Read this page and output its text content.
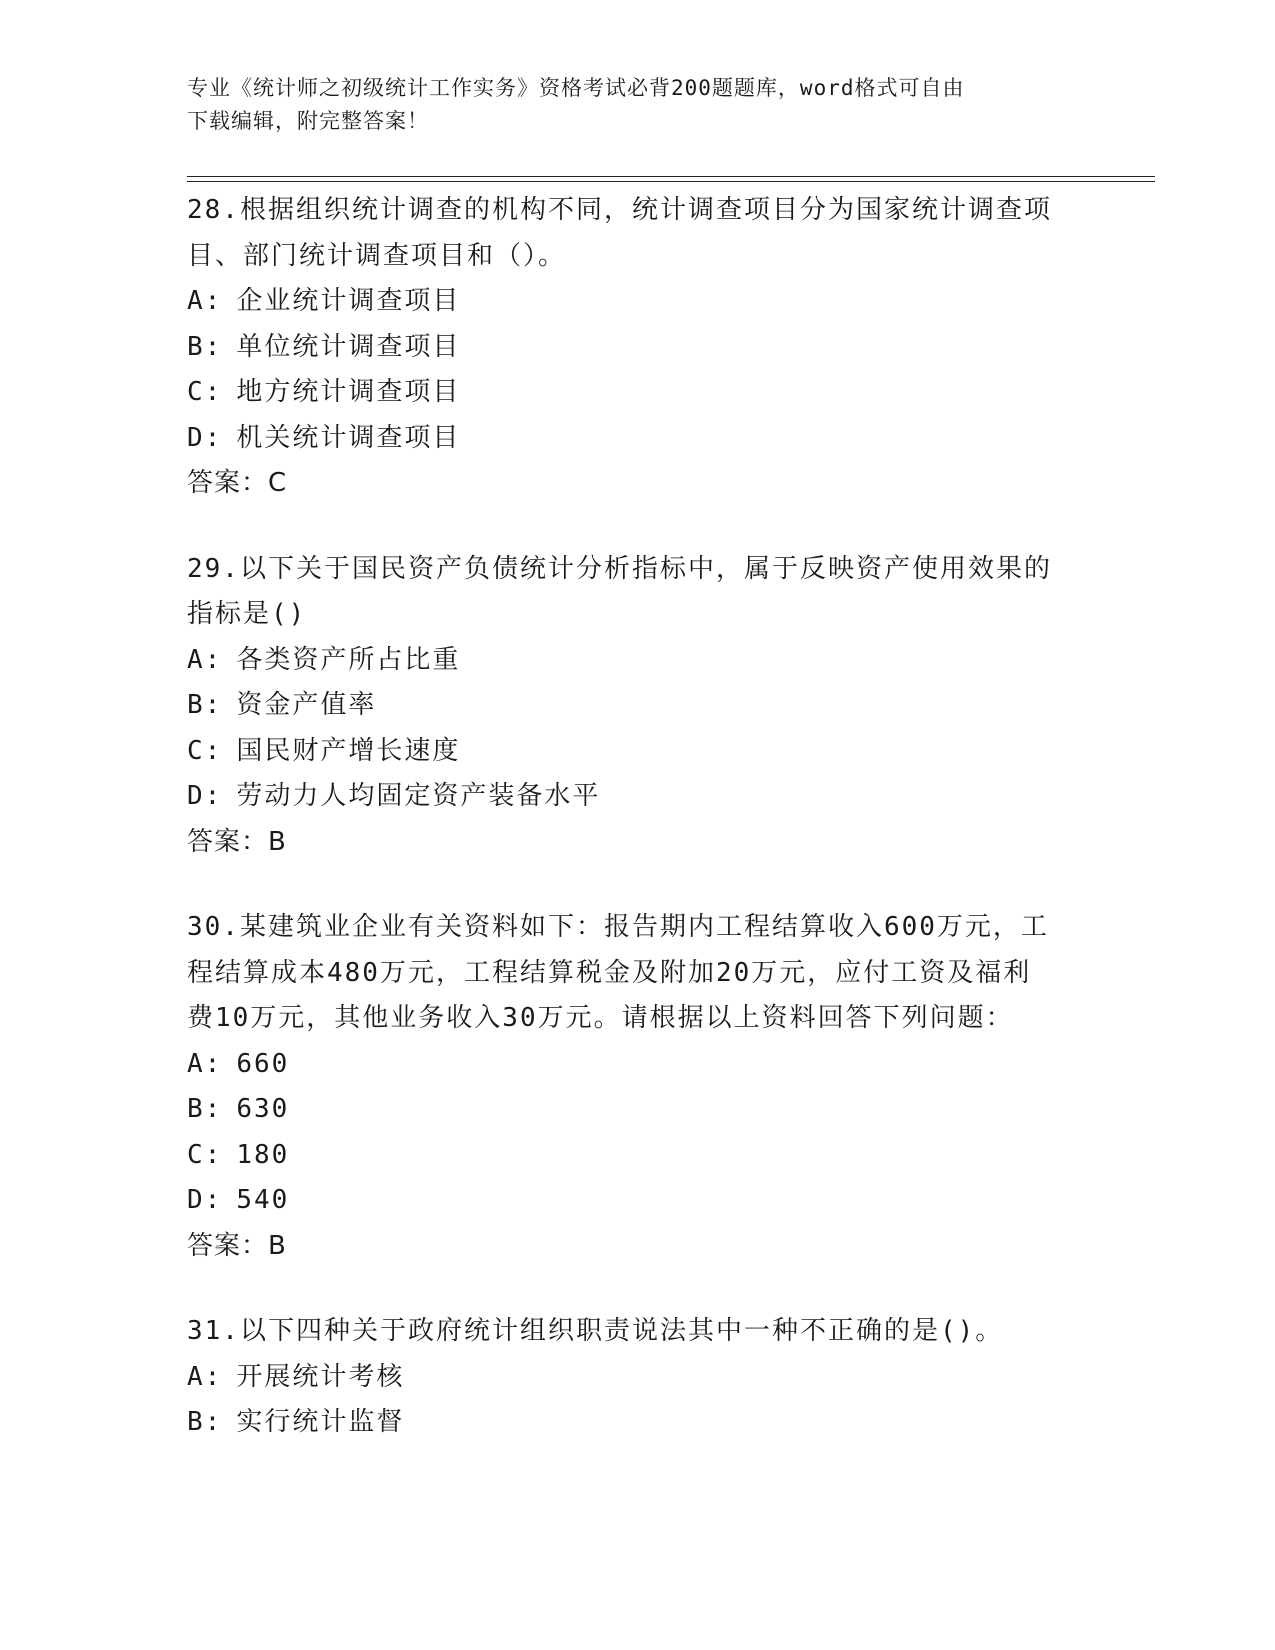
专业《统计师之初级统计工作实务》资格考试必背200题题库，word格式可自由
下载编辑，附完整答案！

28.根据组织统计调查的机构不同，统计调查项目分为国家统计调查项
目、部门统计调查项目和（）。

A: 企业统计调查项目

B: 单位统计调查项目

C: 地方统计调查项目

D: 机关统计调查项目

答案：C

29.以下关于国民资产负债统计分析指标中，属于反映资产使用效果的
指标是()

A: 各类资产所占比重

B: 资金产值率

C: 国民财产增长速度

D: 劳动力人均固定资产装备水平

答案：B

30.某建筑业企业有关资料如下：报告期内工程结算收入600万元，工
程结算成本480万元，工程结算税金及附加20万元，应付工资及福利
费10万元，其他业务收入30万元。请根据以上资料回答下列问题：

A: 660

B: 630

C: 180

D: 540

答案：B

31.以下四种关于政府统计组织职责说法其中一种不正确的是()。

A: 开展统计考核

B: 实行统计监督
